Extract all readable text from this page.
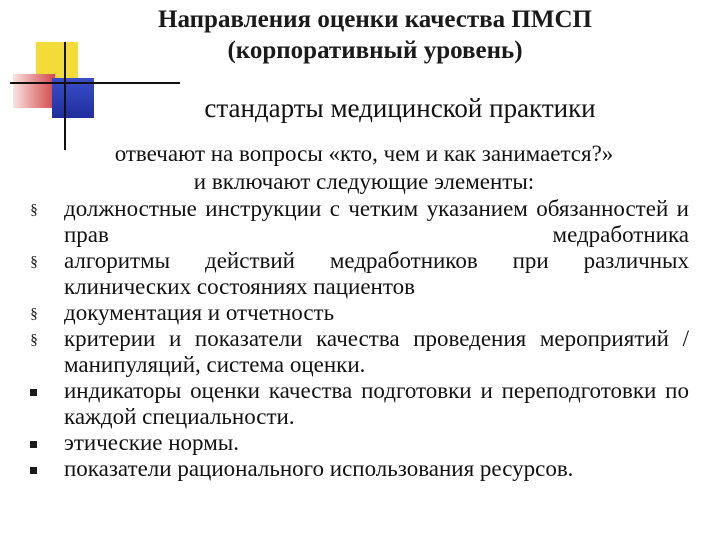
Направления оценки качества ПМСП
(корпоративный уровень)
стандарты медицинской практики
отвечают на вопросы «кто, чем и как занимается?»
и включают следующие элементы:
§ должностные инструкции с четким указанием обязанностей и прав медработника
§ алгоритмы действий медработников при различных клинических состояниях пациентов
§ документация и отчетность
§ критерии и показатели качества проведения мероприятий /манипуляций, система оценки.
индикаторы оценки качества подготовки и переподготовки по каждой специальности.
этические нормы.
показатели рационального использования ресурсов.
